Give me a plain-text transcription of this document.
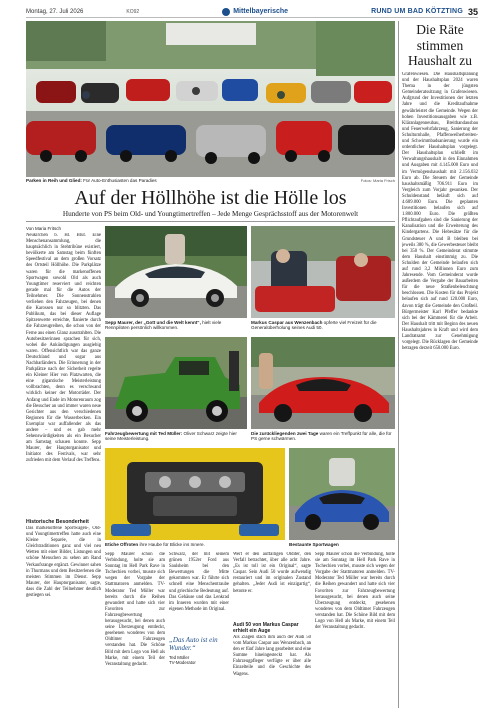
Montag, 27. Juli 2026	KO92	Mittelbayerische	RUND UM BAD KÖTZTING 35
Parken in Reih und Glied: Für Auto-Enthusiasten das Paradies	Fotos: Maria Frisch
Auf der Höllhöhe ist die Hölle los
Hunderte von PS beim Old- und Youngtimertreffen – Jede Menge Gesprächsstoff aus der Motorenwelt
Von Maria Fritsch

Neukirchen b. Hl. Blut. Eine Menschenansammlung, die hauptsächlich in Stehtribüne existiert, bevölkerte am Samstag beim fünften Speedfestival an dem großen Vorsatz des Ortsteil Höllhöhe. Die Parkplätze waren für die markenoffenen Sportwagen sowohl Old als auch Youngtimer reserviert und reichten gerade mal für die Autos der Teilnehmer. Die Sonnenstrahlen verliehen den Fahrzeugen, bei denen die Karossen nur so blitzten. Das Publikum, das bei dieser Auflage Spitzenwerte erreichte, flanierte durch die Fahrzeugreihen, die schon von der Ferne aus einen Glanz ausstrahlten. Die Autobesitzerinnen sprachen für sich, wobei die Ankündigungen ausgiebig waren. Offensichtlich war das ganze Deutschland und sogar aus Nachbarländern. Die Erinnerung in der Parkplätze nach der Sicherheit regelte ein Kleiner Hier von Platzwarten, die eine gigantische Meisterleistung vollbrachten, denn es verschwand wirklich keiner der Motorräder. Der Anfang und Ende im Motorenraum zog die Besucher an und immer waren neue Gesichter aus den verschiedenen Regionen für die Wasserbecken. Ein Exemplar war auffallender als das andere – und es gab mehr Sehenswürdigkeiten als ein Besucher am Samstag schauen konnte. Sepp Maurer, der Hauptorganisator und Initiator des Festivals, war sehr zufrieden mit dem Verlauf des Treffens.

Historische Besonderheit

Das markenoffene Sportwagen-, Old- und Youngtimertreffen hatte auch eine Kleine Separée, die in Gleichtraditionen ganz und viel neu Wetten mit einer Bilder, Listungen und schöne Menschen zu sehen am Rand Verkaufsrange ergänzt. Gewinner sahen in Thurmans und dem Besitzerlenen die meisten Stimmen im Dienst. Sepp Maurer, der Hauptorganisator, sagte, dass die Zahl der Teilnehmer deutlich gestiegen sei.

Sepp Maurer, der „Gott und die Welt kennt“, hielt viele Rennpiloten persönlich willkommen.
Markus Caspar aus Wenzenbach opferte viel Freizeit für die Generalüberholung seines Audi 50.
Fahrzeugbewertung mit Ted Müller: Oliver Schwarz zeigte hier seine Meisterleistung.
Die zurückliegenden zwei Tage waren ein Treffpunkt für alle, die für PS gerne schwärmen.
Etiche Offroten ihre Haube für Blicke ins Innere.	Bestaunte Sportwagen

Sepp Maurer schon die Verbindung, holte sie am Sonntag im Hell Park Rave in Tschechien vorbei, musste sich wegen der Vorgabe der Stattmatoren anmelden. TV-Moderator Ted Müller war bereits durch die Reihen gewandert und hatte sich vier Favoriten zur Fahrzeugbewertung herausgesucht, bei denen auch seine Überzeugung entdeckt, gesehenen wonderes von dem Oldtimer Fahrzeugen verstanden hat. Die Schöne Bild mit dem Logo von Hell als Marke, mit einem Teil der Veranstaltung gedacht.

Schwarz, der mit seinem grünen 1952er Ford aus Saulsheim bei den Bewertungen die Mitte gekommen war. Er führte sich schnell eine Menschentraube und griechische Bedeutung auf. Das Gehäuse und das Lenkrad im Inneren wurden mit einer eigenen Methode im Original.

„Das Auto ist ein Wunder.“
Ted Müller
TV-Moderator

Wert er den auffälligen Olditer, den Verfall betrachtet, über alle acht Jahre. „Es ist toll ist ein Original“, sagte Caspar. Sein Audi 50 wurde aufwendig restauriert und im originalen Zustand gehalten. „Jeder Audi ist einzigartig“, betonte er.

Audi 50 von Markus Caspar erhielt ein Auge

Als Ziagen stach ihm auch der Audi 50 vom Markus Caspar aus Wenzenbach, an den er fünf Jahre lang gearbeitet und eine Summe hineingesteckt hat. Als Fahrzeugpfleger verfügte er über alle Einzelteile und die Geschichte des Wagens.

Sepp Maurer schon die Verbindung, holte sie am Sonntag im Hell Park Rave in Tschechien vorbei, musste sich wegen der Vorgabe der Stattmatoren anmelden. TV-Moderator Ted Müller war bereits durch die Reihen gewandert und hatte sich vier Favoriten zur Fahrzeugbewertung herausgesucht, bei denen auch seine Überzeugung entdeckt, gesehenen wonderes von dem Oldtimer Fahrzeugen verstanden hat. Die Schöne Bild mit dem Logo von Hell als Marke, mit einem Teil der Veranstaltung gedacht.

Die Räte stimmen Haushalt zu

Grafenwiesen. Die Haushaltsplanung und der Haushaltsplan 2024 waren Thema in der jüngsten Gemeinderatssitzung in Grafenwiesen. Aufgrund der Investitionen der letzten Jahre und die Kreditaufnahme gewährleistet die Gemeinde. Wegen der hohen Investitionsausgaben wie z.B. Kläranlagenneubau, Breitbandausbau und Feuerwehrfahrzeug, Sanierung der Schulturnhalle, Pfaffenweiherbreiten- und Schwimmbadsanierung wurde ein ordentlicher Haushaltsplan vorgelegt. Der Haushaltsplan schließt im Verwaltungshaushalt in den Einnahmen und Ausgaben mit 4.145.000 Euro und im Vermögenshaushalt mit 2.156.032 Euro ab. Die Steuern der Gemeinde haushaltsmäßig 706.911 Euro im Vergleich zum Vorjahr gesunken. Der Schuldenstand beläuft sich auf 4.689.000 Euro. Die geplanten Investitionen belaufen sich auf 1.800.000 Euro. Die größten Pflichtaufgaben sind die Sanierung der Kanalisation und die Erweiterung des Kindergartens. Die Hebesätze für die Grundsteuer A und B bleiben bei jeweils 380 %, die Gewerbesteuer bleibt bei 350 %. Der Gemeinderat stimmte dem Haushalt einstimmig zu. Die Schulden der Gemeinde belaufen sich auf rund 3,2 Millionen Euro zum Jahresende. Vom Gemeinderat wurde außerdem die Vergabe der Bauarbeiten für die neue Straßenbeleuchtung beschlossen. Die Kosten für das Projekt belaufen sich auf rund 120.000 Euro, davon trägt die Gemeinde den Großteil. Bürgermeister Karl Pfeffer bedankte sich bei der Kämmerei für die Arbeit. Der Haushalt tritt mit Beginn des neuen Haushaltsjahres in Kraft und wird dem Landratsamt zur Genehmigung vorgelegt. Die Rücklagen der Gemeinde betragen derzeit 650.000 Euro.
